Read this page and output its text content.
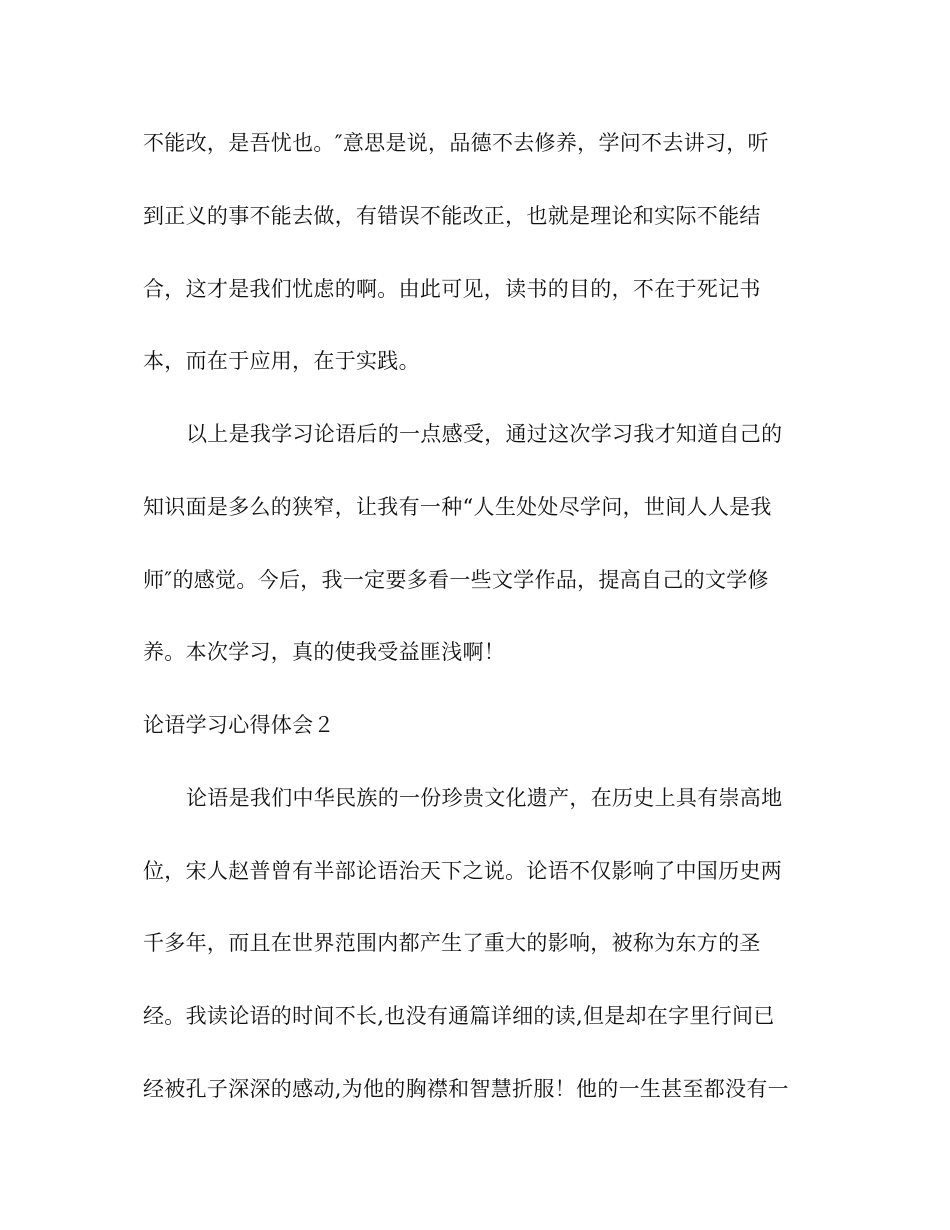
不能改，是吾忧也。″意思是说，品德不去修养，学问不去讲习，听
到正义的事不能去做，有错误不能改正，也就是理论和实际不能结
合，这才是我们忧虑的啊。由此可见，读书的目的，不在于死记书
本，而在于应用，在于实践。
以上是我学习论语后的一点感受，通过这次学习我才知道自己的
知识面是多么的狭窄，让我有一种“人生处处尽学问，世间人人是我
师″的感觉。今后，我一定要多看一些文学作品，提高自己的文学修
养。本次学习，真的使我受益匪浅啊！
论语学习心得体会２
论语是我们中华民族的一份珍贵文化遗产，在历史上具有崇高地
位，宋人赵普曾有半部论语治天下之说。论语不仅影响了中国历史两
千多年，而且在世界范围内都产生了重大的影响，被称为东方的圣
经。我读论语的时间不长,也没有通篇详细的读,但是却在字里行间已
经被孔子深深的感动,为他的胸襟和智慧折服！他的一生甚至都没有一
